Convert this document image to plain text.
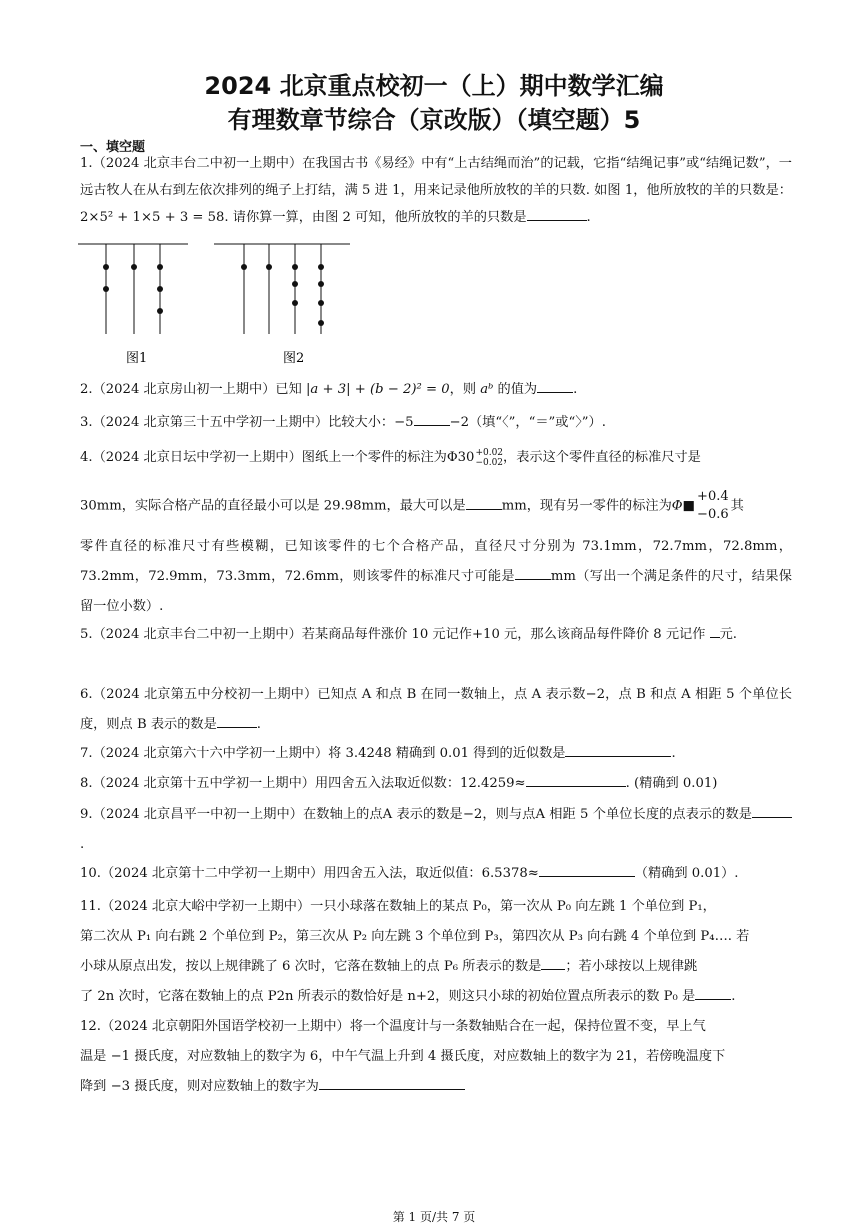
2024 北京重点校初一（上）期中数学汇编
有理数章节综合（京改版）（填空题）5
一、填空题
1.（2024 北京丰台二中初一上期中）在我国古书《易经》中有“上古结绳而治”的记载，它指“结绳记事”或“结绳记数”，一远古牧人在从右到左依次排列的绳子上打结，满 5 进 1，用来记录他所放牧的羊的只数. 如图 1，他所放牧的羊的只数是：2×5² + 1×5 + 3 = 58. 请你算一算，由图 2 可知，他所放牧的羊的只数是	.
图1	图2
2.（2024 北京房山初一上期中）已知 |a + 3| + (b − 2)² = 0，则 aᵇ 的值为	.
3.（2024 北京第三十五中学初一上期中）比较大小：−5	−2（填“〈”，“＝”或“〉”）.
4.（2024 北京日坛中学初一上期中）图纸上一个零件的标注为Φ30+0.02
−0.02，表示这个零件直径的标准尺寸是
30mm，实际合格产品的直径最小可以是 29.98mm，最大可以是	mm，现有另一零件的标注为Φ■+0.4
−0.6其
零件直径的标准尺寸有些模糊，已知该零件的七个合格产品，直径尺寸分别为 73.1mm，72.7mm，72.8mm，73.2mm，72.9mm，73.3mm，72.6mm，则该零件的标准尺寸可能是	mm（写出一个满足条件的尺寸，结果保留一位小数）.
5.（2024 北京丰台二中初一上期中）若某商品每件涨价 10 元记作+10 元，那么该商品每件降价 8 元记作 元.
6.（2024 北京第五中分校初一上期中）已知点 A 和点 B 在同一数轴上，点 A 表示数−2，点 B 和点 A 相距 5 个单位长度，则点 B 表示的数是	.
7.（2024 北京第六十六中学初一上期中）将 3.4248 精确到 0.01 得到的近似数是	.
8.（2024 北京第十五中学初一上期中）用四舍五入法取近似数：12.4259≈	. (精确到 0.01)
9.（2024 北京昌平一中初一上期中）在数轴上的点A 表示的数是−2，则与点A 相距 5 个单位长度的点表示的数是.
10.（2024 北京第十二中学初一上期中）用四舍五入法，取近似值：6.5378≈	（精确到 0.01）.
11.（2024 北京大峪中学初一上期中）一只小球落在数轴上的某点 P₀，第一次从 P₀ 向左跳 1 个单位到 P₁，
第二次从 P₁ 向右跳 2 个单位到 P₂，第三次从 P₂ 向左跳 3 个单位到 P₃，第四次从 P₃ 向右跳 4 个单位到 P₄…. 若
小球从原点出发，按以上规律跳了 6 次时，它落在数轴上的点 P₆ 所表示的数是 ；若小球按以上规律跳
了 2n 次时，它落在数轴上的点 P2n 所表示的数恰好是 n+2，则这只小球的初始位置点所表示的数 P₀ 是	.
12.（2024 北京朝阳外国语学校初一上期中）将一个温度计与一条数轴贴合在一起，保持位置不变，早上气
温是 −1 摄氏度，对应数轴上的数字为 6，中午气温上升到 4 摄氏度，对应数轴上的数字为 21，若傍晚温度下
降到 −3 摄氏度，则对应数轴上的数字为
第 1 页/共 7 页
